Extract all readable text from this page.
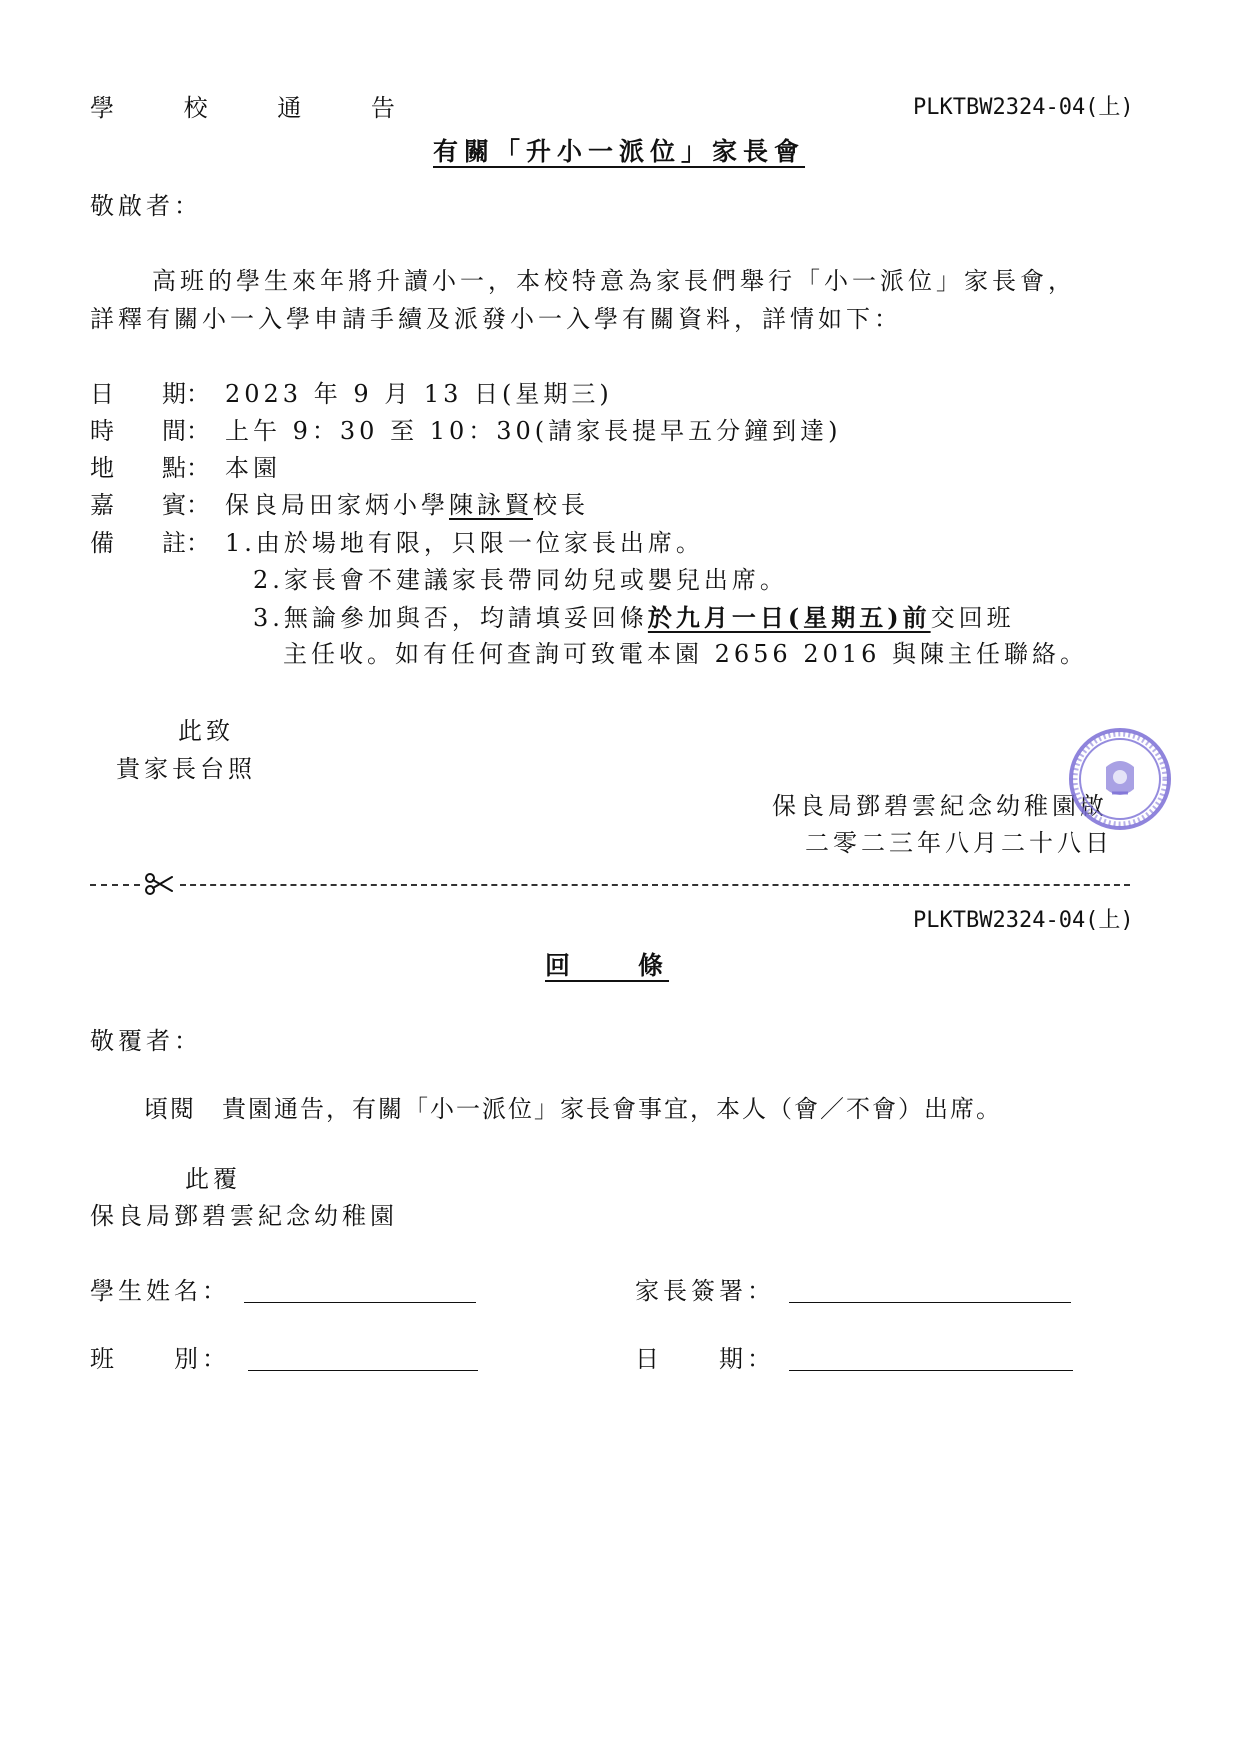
學 校 通 告	PLKTBW2324-04(上)
有關「升小一派位」家長會
敬啟者：
高班的學生來年將升讀小一，本校特意為家長們舉行「小一派位」家長會，
詳釋有關小一入學申請手續及派發小一入學有關資料，詳情如下：
日　　期： 2023 年 9 月 13 日(星期三)
時　　間： 上午 9：30 至 10：30(請家長提早五分鐘到達)
地　　點： 本園
嘉　　賓： 保良局田家炳小學陳詠賢校長
備　　註： 1.由於場地有限，只限一位家長出席。
2.家長會不建議家長帶同幼兒或嬰兒出席。
3.無論參加與否，均請填妥回條於九月一日(星期五)前交回班
主任收。如有任何查詢可致電本園 2656 2016 與陳主任聯絡。
此致
貴家長台照
保良局鄧碧雲紀念幼稚園啟
二零二三年八月二十八日
PLKTBW2324-04(上)
回　　條
敬覆者：
頃閱　貴園通告，有關「小一派位」家長會事宜，本人（會／不會）出席。
此覆
保良局鄧碧雲紀念幼稚園
學生姓名：	家長簽署：
班　　別：	日　　期：
